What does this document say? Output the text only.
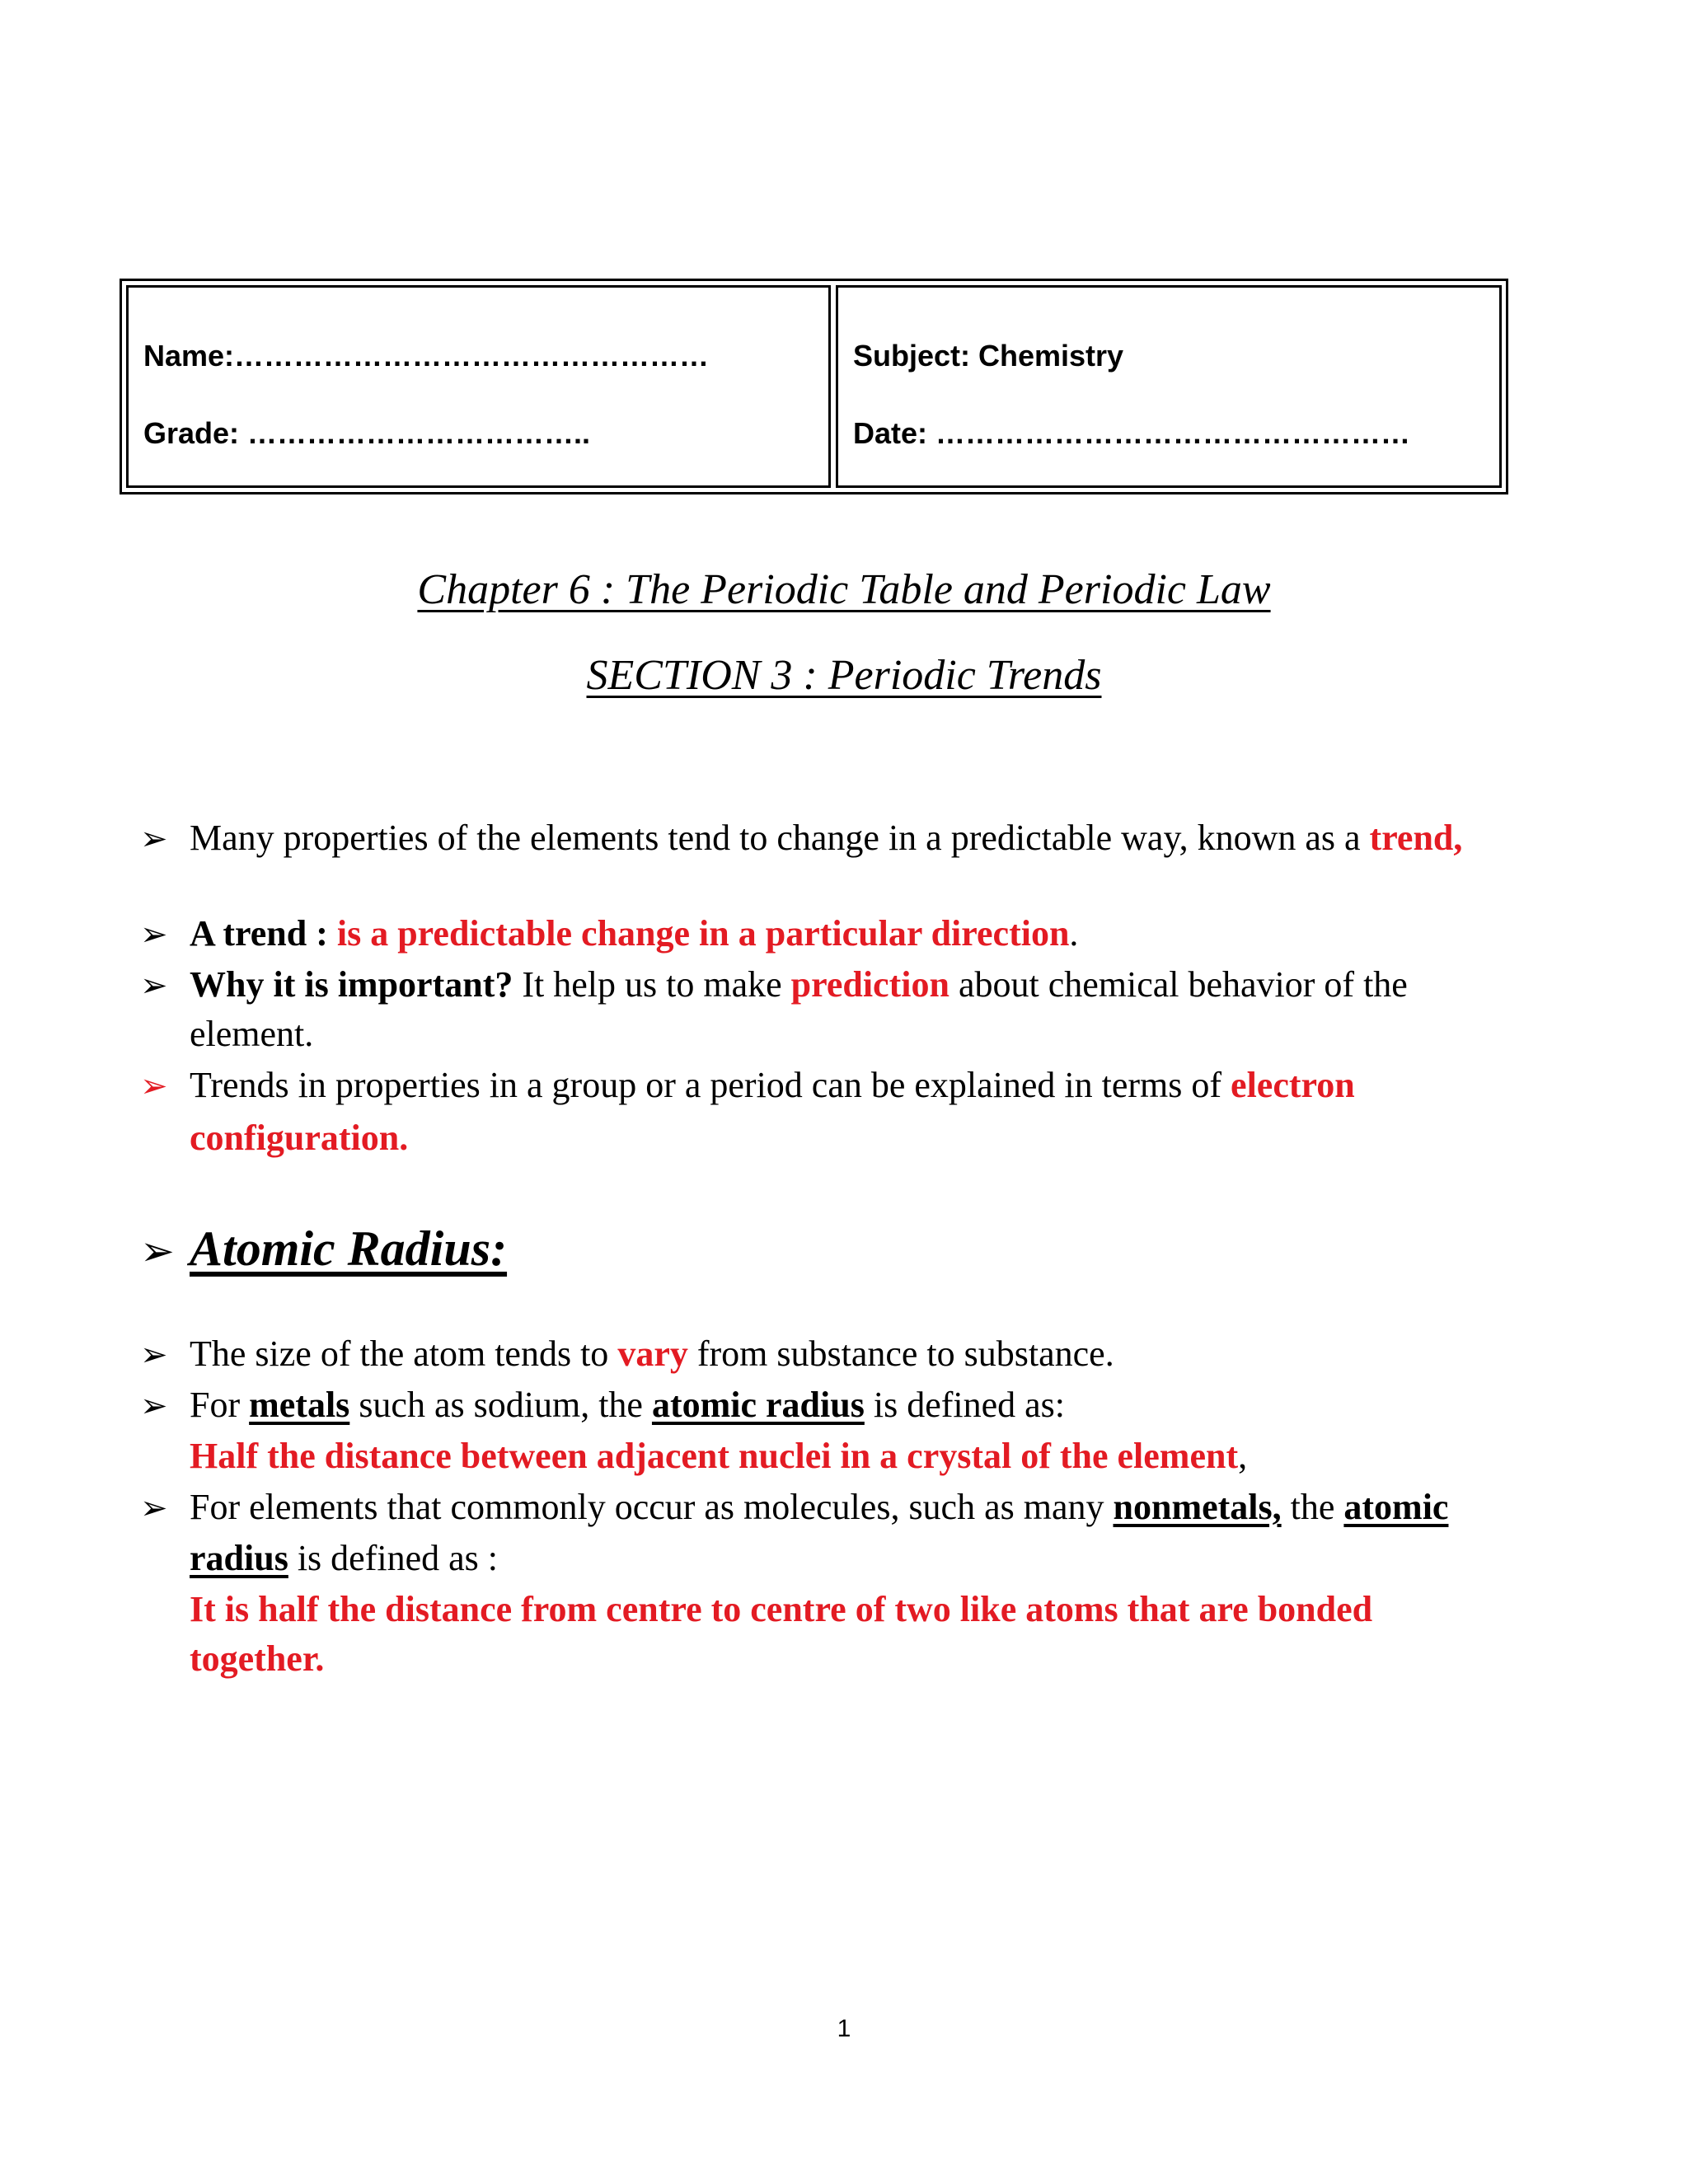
Name:…………………………………………
Grade: ……………………………..
Subject: Chemistry
Date: …………………………………………
Chapter 6 : The Periodic Table and Periodic Law
SECTION 3 : Periodic Trends
➢ Many properties of the elements tend to change in a predictable way, known as a trend,
➢ A trend : is a predictable change in a particular direction.
➢ Why it is important? It help us to make prediction about chemical behavior of the
element.
➢ Trends in properties in a group or a period can be explained in terms of electron
configuration.
➢ Atomic Radius:
➢ The size of the atom tends to vary from substance to substance.
➢ For metals such as sodium, the atomic radius is defined as:
Half the distance between adjacent nuclei in a crystal of the element,
➢ For elements that commonly occur as molecules, such as many nonmetals, the atomic
radius is defined as :
It is half the distance from centre to centre of two like atoms that are bonded
together.
1
